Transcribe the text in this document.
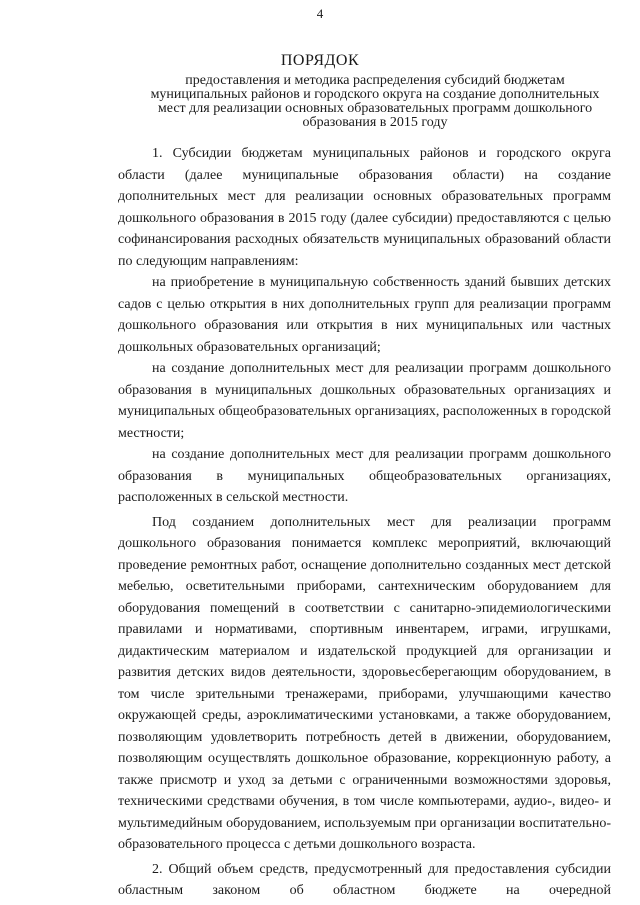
4
ПОРЯДОК

предоставления и методика распределения субсидий бюджетам муниципальных районов и городского округа на создание дополнительных мест для реализации основных образовательных программ дошкольного образования в 2015 году

1. Субсидии бюджетам муниципальных районов и городского округа области (далее муниципальные образования области) на создание дополнительных мест для реализации основных образовательных программ дошкольного образования в 2015 году (далее субсидии) предоставляются с целью софинансирования расходных обязательств муниципальных образований области по следующим направлениям:

на приобретение в муниципальную собственность зданий бывших детских садов с целью открытия в них дополнительных групп для реализации программ дошкольного образования или открытия в них муниципальных или частных дошкольных образовательных организаций;

на создание дополнительных мест для реализации программ дошкольного образования в муниципальных дошкольных образовательных организациях и муниципальных общеобразовательных организациях, расположенных в городской местности;

на создание дополнительных мест для реализации программ дошкольного образования в муниципальных общеобразовательных организациях, расположенных в сельской местности.

Под созданием дополнительных мест для реализации программ дошкольного образования понимается комплекс мероприятий, включающий проведение ремонтных работ, оснащение дополнительно созданных мест детской мебелью, осветительными приборами, сантехническим оборудованием для оборудования помещений в соответствии с санитарно-эпидемиологическими правилами и нормативами, спортивным инвентарем, играми, игрушками, дидактическим материалом и издательской продукцией для организации и развития детских видов деятельности, здоровьесберегающим оборудованием, в том числе зрительными тренажерами, приборами, улучшающими качество окружающей среды, аэроклиматическими установками, а также оборудованием, позволяющим удовлетворить потребность детей в движении, оборудованием, позволяющим осуществлять дошкольное образование, коррекционную работу, а также присмотр и уход за детьми с ограниченными возможностями здоровья, техническими средствами обучения, в том числе компьютерами, аудио-, видео- и мультимедийным оборудованием, используемым при организации воспитательно-образовательного процесса с детьми дошкольного возраста.

2. Общий объем средств, предусмотренный для предоставления субсидии областным законом об областном бюджете на очередной
